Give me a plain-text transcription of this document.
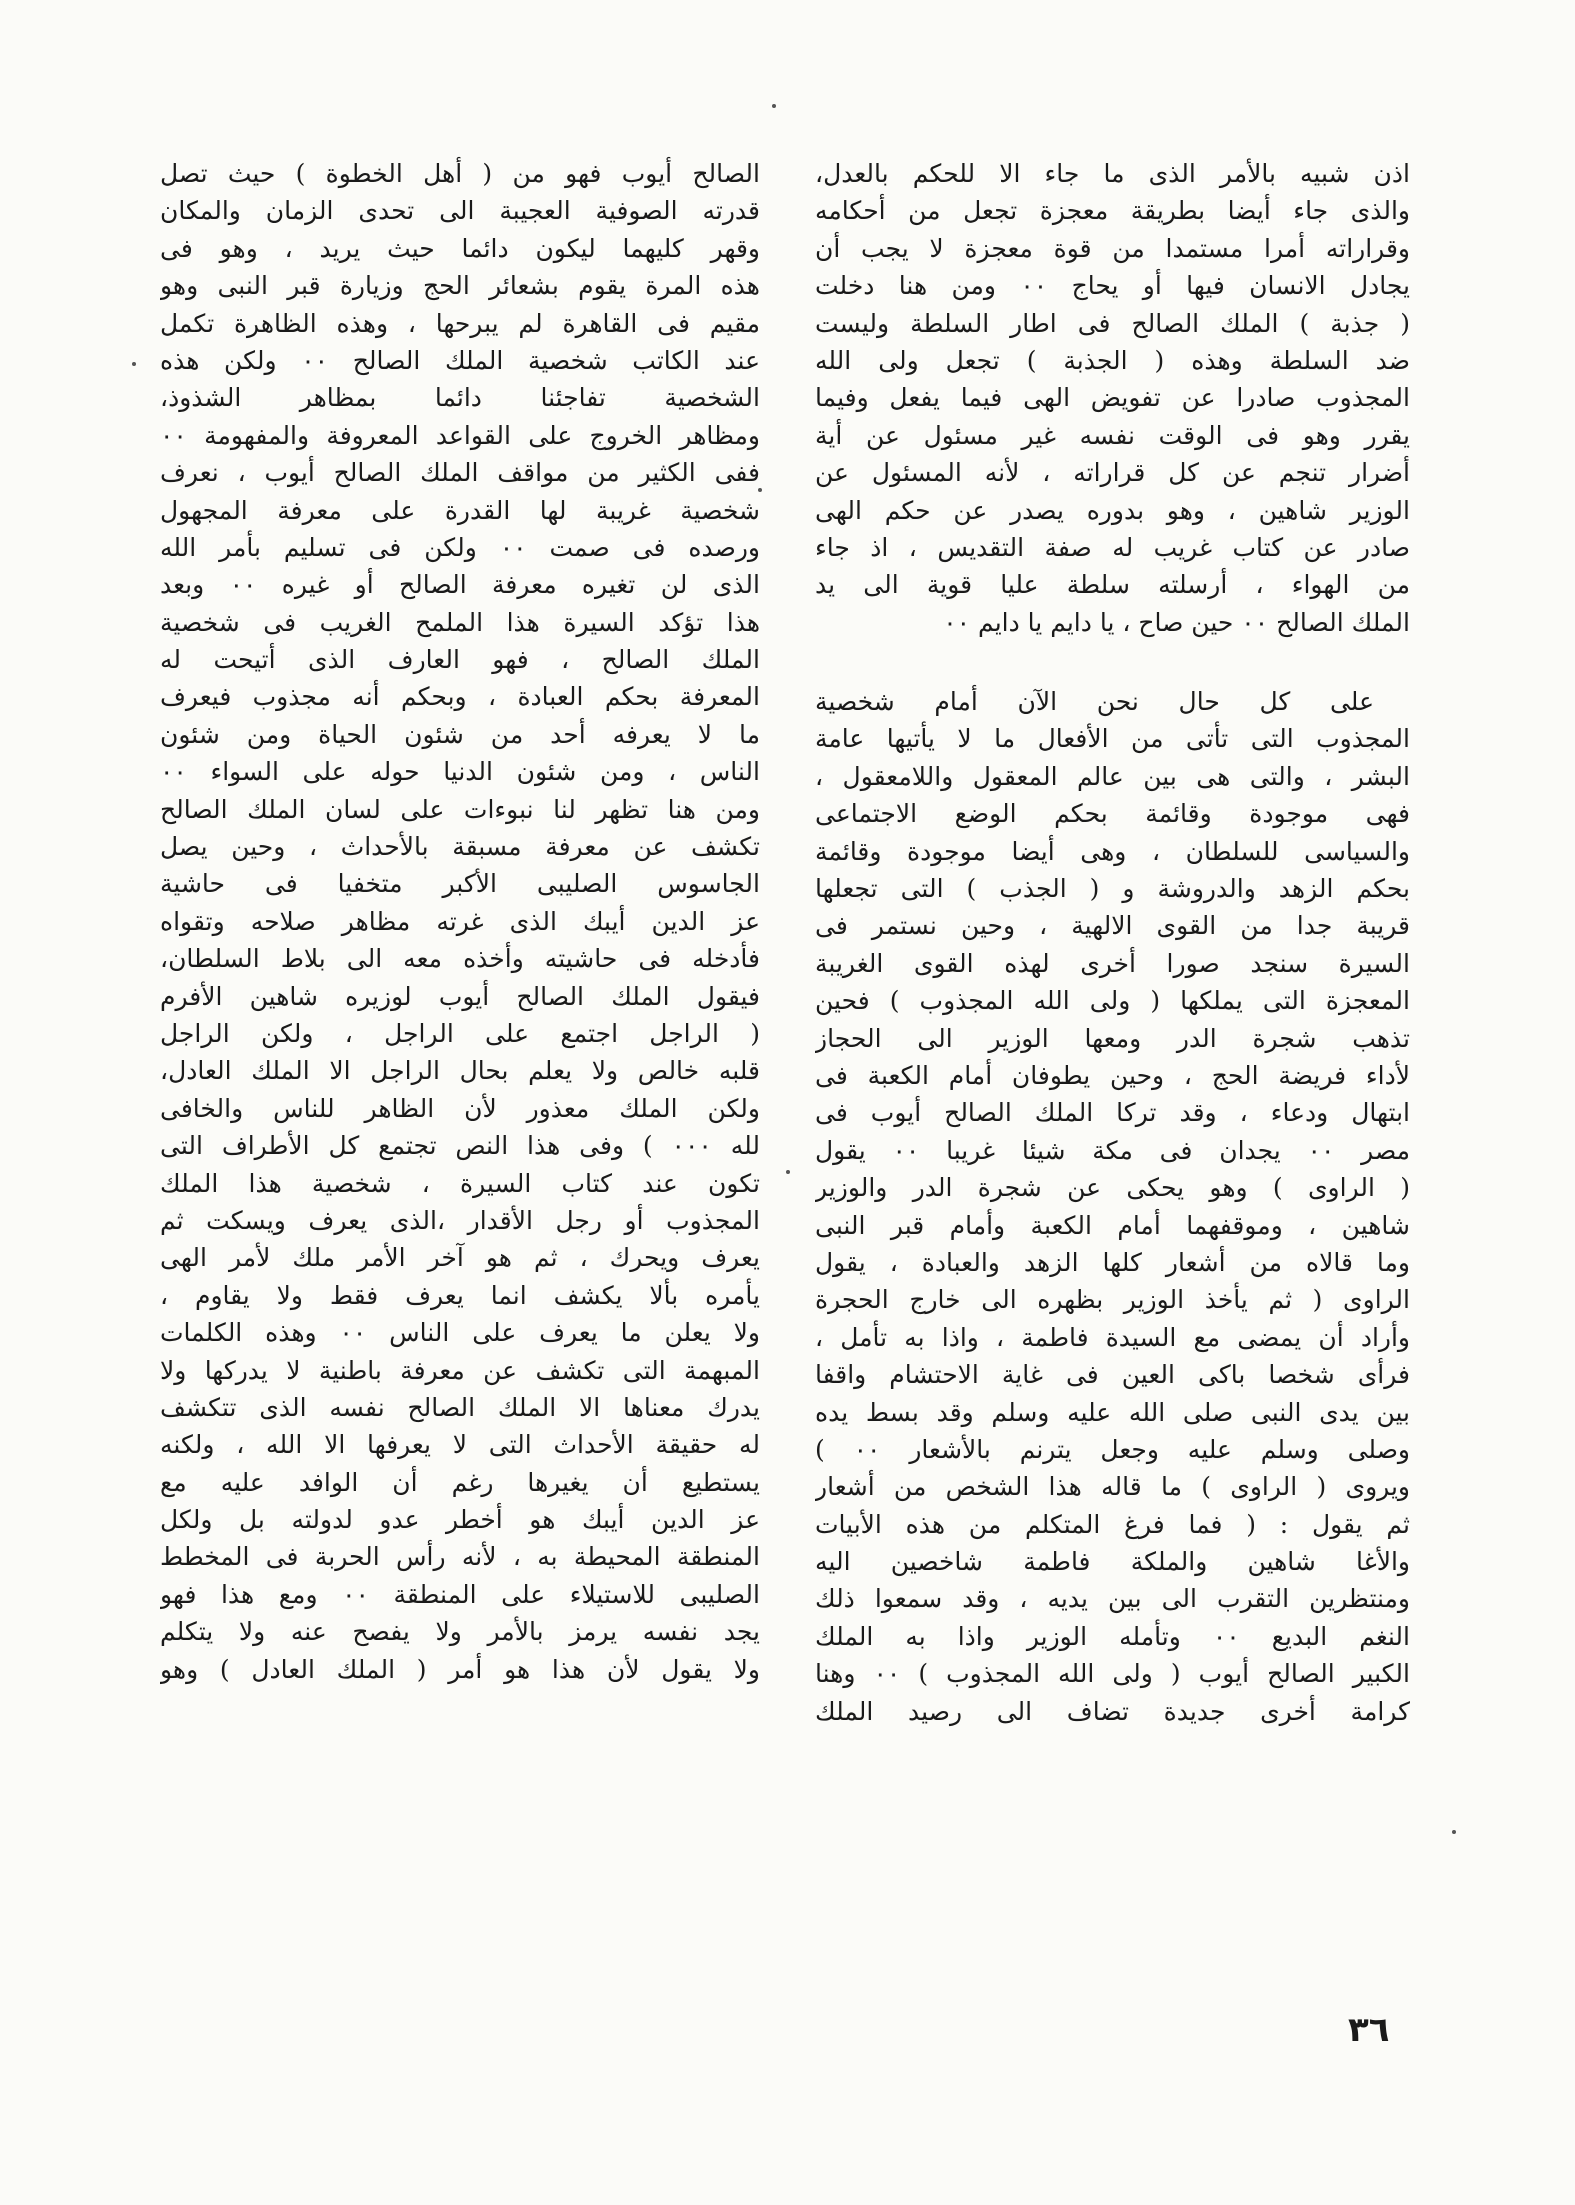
اذن شبيه بالأمر الذى ما جاء الا للحكم بالعدل،
والذى جاء أيضا بطريقة معجزة تجعل من أحكامه
وقراراته أمرا مستمدا من قوة معجزة لا يجب أن
يجادل الانسان فيها أو يحاج ٠٠ ومن هنا دخلت
( جذبة ) الملك الصالح فى اطار السلطة وليست
ضد السلطة وهذه ( الجذبة ) تجعل ولى الله
المجذوب صادرا عن تفويض الهى فيما يفعل وفيما
يقرر وهو فى الوقت نفسه غير مسئول عن أية
أضرار تنجم عن كل قراراته ، لأنه المسئول عن
الوزير شاهين ، وهو بدوره يصدر عن حكم الهى
صادر عن كتاب غريب له صفة التقديس ، اذ جاء
من الهواء ، أرسلته سلطة عليا قوية الى يد
الملك الصالح ٠٠ حين صاح ، يا دايم يا دايم ٠٠
على كل حال نحن الآن أمام شخصية
المجذوب التى تأتى من الأفعال ما لا يأتيها عامة
البشر ، والتى هى بين عالم المعقول واللامعقول ،
فهى موجودة وقائمة بحكم الوضع الاجتماعى
والسياسى للسلطان ، وهى أيضا موجودة وقائمة
بحكم الزهد والدروشة و ( الجذب ) التى تجعلها
قريبة جدا من القوى الالهية ، وحين نستمر فى
السيرة سنجد صورا أخرى لهذه القوى الغريبة
المعجزة التى يملكها ( ولى الله المجذوب ) فحين
تذهب شجرة الدر ومعها الوزير الى الحجاز
لأداء فريضة الحج ، وحين يطوفان أمام الكعبة فى
ابتهال ودعاء ، وقد تركا الملك الصالح أيوب فى
مصر ٠٠ يجدان فى مكة شيئا غريبا ٠٠ يقول
( الراوى ) وهو يحكى عن شجرة الدر والوزير
شاهين ، وموقفهما أمام الكعبة وأمام قبر النبى
وما قالاه من أشعار كلها الزهد والعبادة ، يقول
الراوى ( ثم يأخذ الوزير بظهره الى خارج الحجرة
وأراد أن يمضى مع السيدة فاطمة ، واذا به تأمل ،
فرأى شخصا باكى العين فى غاية الاحتشام واقفا
بين يدى النبى صلى الله عليه وسلم وقد بسط يده
وصلى وسلم عليه وجعل يترنم بالأشعار ٠٠ )
ويروى ( الراوى ) ما قاله هذا الشخص من أشعار
ثم يقول : ( فما فرغ المتكلم من هذه الأبيات
والأغا شاهين والملكة فاطمة شاخصين اليه
ومنتظرين التقرب الى بين يديه ، وقد سمعوا ذلك
النغم البديع ٠٠ وتأمله الوزير واذا به الملك
الكبير الصالح أيوب ( ولى الله المجذوب ) ٠٠ وهنا
كرامة أخرى جديدة تضاف الى رصيد الملك
الصالح أيوب فهو من ( أهل الخطوة ) حيث تصل
قدرته الصوفية العجيبة الى تحدى الزمان والمكان
وقهر كليهما ليكون دائما حيث يريد ، وهو فى
هذه المرة يقوم بشعائر الحج وزيارة قبر النبى وهو
مقيم فى القاهرة لم يبرحها ، وهذه الظاهرة تكمل
عند الكاتب شخصية الملك الصالح ٠٠ ولكن هذه
الشخصية تفاجئنا دائما بمظاهر الشذوذ،
ومظاهر الخروج على القواعد المعروفة والمفهومة ٠٠
ففى الكثير من مواقف الملك الصالح أيوب ، نعرف
شخصية غريبة لها القدرة على معرفة المجهول
ورصده فى صمت ٠٠ ولكن فى تسليم بأمر الله
الذى لن تغيره معرفة الصالح أو غيره ٠٠ وبعد
هذا تؤكد السيرة هذا الملمح الغريب فى شخصية
الملك الصالح ، فهو العارف الذى أتيحت له
المعرفة بحكم العبادة ، وبحكم أنه مجذوب فيعرف
ما لا يعرفه أحد من شئون الحياة ومن شئون
الناس ، ومن شئون الدنيا حوله على السواء ٠٠
ومن هنا تظهر لنا نبوءات على لسان الملك الصالح
تكشف عن معرفة مسبقة بالأحداث ، وحين يصل
الجاسوس الصليبى الأكبر متخفيا فى حاشية
عز الدين أيبك الذى غرته مظاهر صلاحه وتقواه
فأدخله فى حاشيته وأخذه معه الى بلاط السلطان،
فيقول الملك الصالح أيوب لوزيره شاهين الأفرم
( الراجل اجتمع على الراجل ، ولكن الراجل
قلبه خالص ولا يعلم بحال الراجل الا الملك العادل،
ولكن الملك معذور لأن الظاهر للناس والخافى
لله ٠٠٠ ) وفى هذا النص تجتمع كل الأطراف التى
تكون عند كتاب السيرة ، شخصية هذا الملك
المجذوب أو رجل الأقدار ،الذى يعرف ويسكت ثم
يعرف ويحرك ، ثم هو آخر الأمر ملك لأمر الهى
يأمره بألا يكشف انما يعرف فقط ولا يقاوم ،
ولا يعلن ما يعرف على الناس ٠٠ وهذه الكلمات
المبهمة التى تكشف عن معرفة باطنية لا يدركها ولا
يدرك معناها الا الملك الصالح نفسه الذى تتكشف
له حقيقة الأحداث التى لا يعرفها الا الله ، ولكنه
يستطيع أن يغيرها رغم أن الوافد عليه مع
عز الدين أيبك هو أخطر عدو لدولته بل ولكل
المنطقة المحيطة به ، لأنه رأس الحربة فى المخطط
الصليبى للاستيلاء على المنطقة ٠٠ ومع هذا فهو
يجد نفسه يرمز بالأمر ولا يفصح عنه ولا يتكلم
ولا يقول لأن هذا هو أمر ( الملك العادل ) وهو
٣٦
